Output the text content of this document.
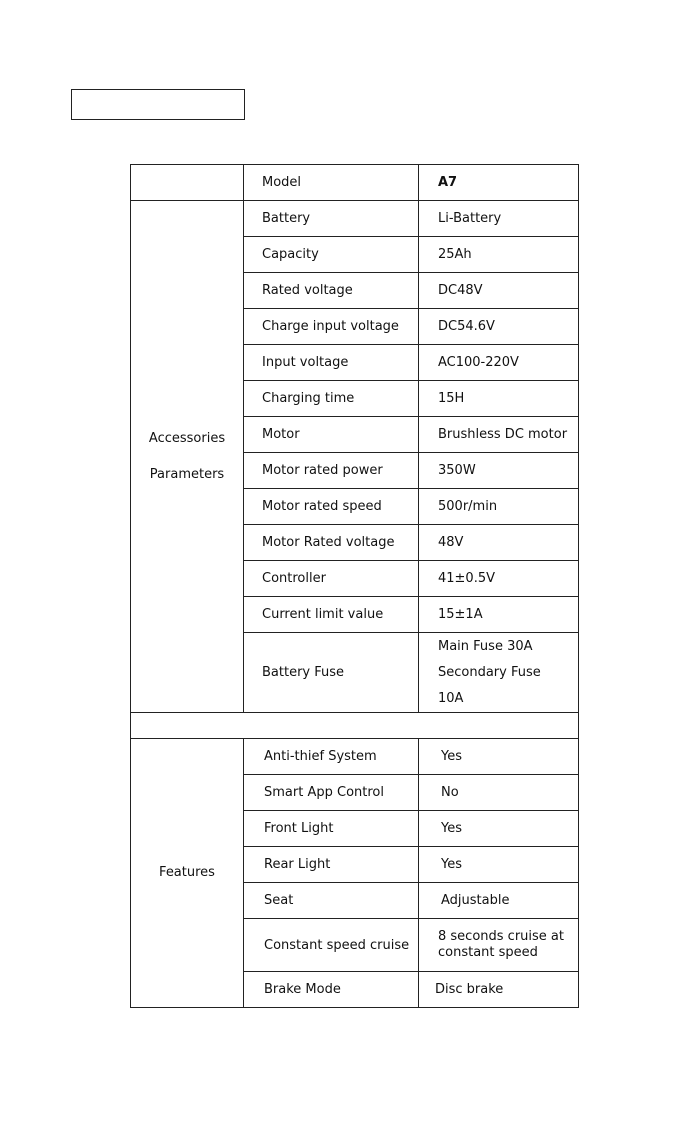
	Model	A7
Accessories
Parameters	Battery	Li-Battery
	Capacity	25Ah
	Rated voltage	DC48V
	Charge input voltage	DC54.6V
	Input voltage	AC100-220V
	Charging time	15H
	Motor	Brushless DC motor
	Motor rated power	350W
	Motor rated speed	500r/min
	Motor Rated voltage	48V
	Controller	41±0.5V
	Current limit value	15±1A
	Battery Fuse	Main Fuse 30A
Secondary Fuse
10A

Features	Anti-thief System	Yes
	Smart App Control	No
	Front Light	Yes
	Rear Light	Yes
	Seat	Adjustable
	Constant speed cruise	8 seconds cruise at
constant speed
	Brake Mode	Disc brake
